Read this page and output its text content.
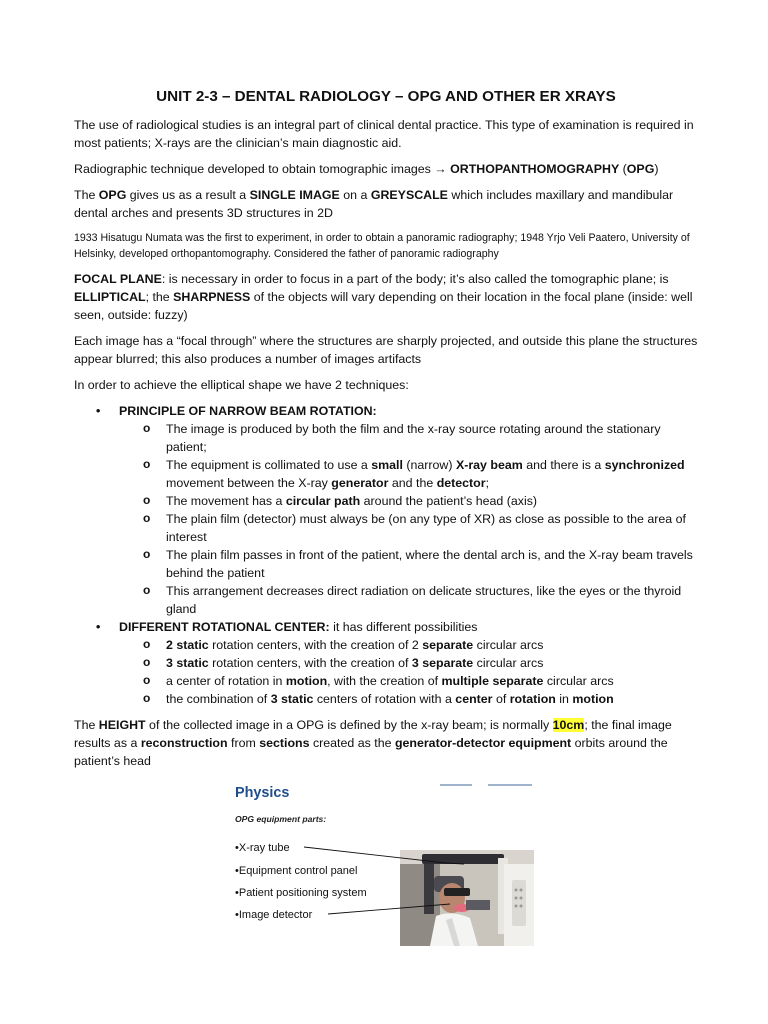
UNIT 2-3 – DENTAL RADIOLOGY – OPG AND OTHER ER XRAYS

The use of radiological studies is an integral part of clinical dental practice. This type of examination is required in most patients; X-rays are the clinician’s main diagnostic aid.

Radiographic technique developed to obtain tomographic images → ORTHOPANTHOMOGRAPHY (OPG)

The OPG gives us as a result a SINGLE IMAGE on a GREYSCALE which includes maxillary and mandibular dental arches and presents 3D structures in 2D

1933 Hisatugu Numata was the first to experiment, in order to obtain a panoramic radiography; 1948 Yrjo Veli Paatero, University of Helsinky, developed orthopantomography. Considered the father of panoramic radiography

FOCAL PLANE: is necessary in order to focus in a part of the body; it’s also called the tomographic plane; is ELLIPTICAL; the SHARPNESS of the objects will vary depending on their location in the focal plane (inside: well seen, outside: fuzzy)

Each image has a “focal through” where the structures are sharply projected, and outside this plane the structures appear blurred; this also produces a number of images artifacts

In order to achieve the elliptical shape we have 2 techniques:

• PRINCIPLE OF NARROW BEAM ROTATION:
o The image is produced by both the film and the x-ray source rotating around the stationary patient;
o The equipment is collimated to use a small (narrow) X-ray beam and there is a synchronized movement between the X-ray generator and the detector;
o The movement has a circular path around the patient’s head (axis)
o The plain film (detector) must always be (on any type of XR) as close as possible to the area of interest
o The plain film passes in front of the patient, where the dental arch is, and the X-ray beam travels behind the patient
o This arrangement decreases direct radiation on delicate structures, like the eyes or the thyroid gland
• DIFFERENT ROTATIONAL CENTER: it has different possibilities
o 2 static rotation centers, with the creation of 2 separate circular arcs
o 3 static rotation centers, with the creation of 3 separate circular arcs
o a center of rotation in motion, with the creation of multiple separate circular arcs
o the combination of 3 static centers of rotation with a center of rotation in motion

The HEIGHT of the collected image in a OPG is defined by the x-ray beam; is normally 10cm; the final image results as a reconstruction from sections created as the generator-detector equipment orbits around the patient’s head

Physics
OPG equipment parts:
•X-ray tube
•Equipment control panel
•Patient positioning system
•Image detector
